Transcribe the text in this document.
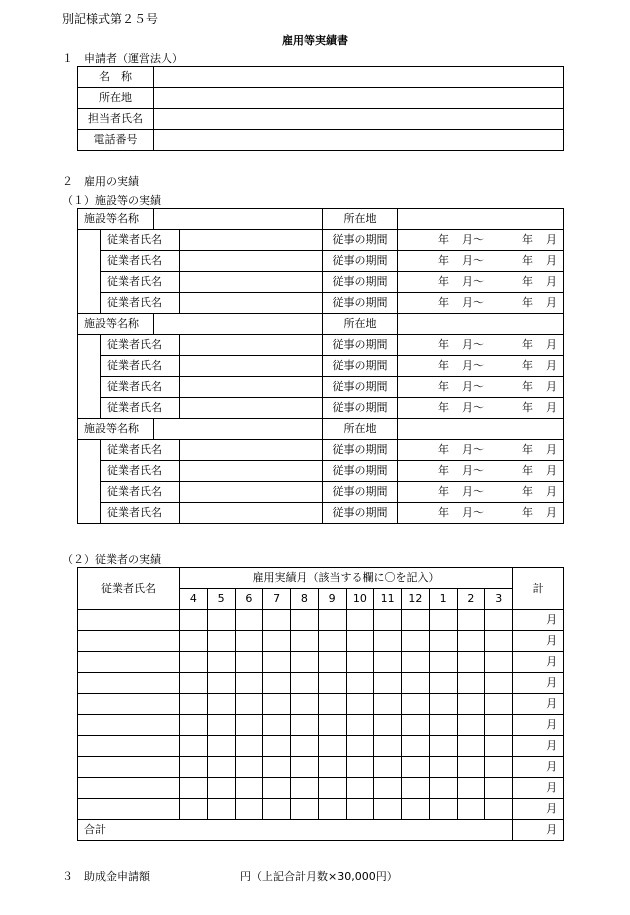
別記様式第２５号
雇用等実績書
１　申請者（運営法人）
名　称	
所在地	
担当者氏名	
電話番号	
２　雇用の実績
（１）施設等の実績
施設等名称				所在地	
	従業者氏名			従事の期間	年 月～ 年 月

	従業者氏名			従事の期間	年 月～ 年 月

	従業者氏名			従事の期間	年 月～ 年 月

	従業者氏名			従事の期間	年 月～ 年 月

施設等名称				所在地	
	従業者氏名			従事の期間	年 月～ 年 月

	従業者氏名			従事の期間	年 月～ 年 月

	従業者氏名			従事の期間	年 月～ 年 月

	従業者氏名			従事の期間	年 月～ 年 月

施設等名称				所在地	
	従業者氏名			従事の期間	年 月～ 年 月

	従業者氏名			従事の期間	年 月～ 年 月

	従業者氏名			従事の期間	年 月～ 年 月

	従業者氏名			従事の期間	年 月～ 年 月
（２）従業者の実績
従業者氏名	雇用実績月（該当する欄に〇を記入）												計
	4	5	6	7	8	9	10	11	12	1	2	3	
													月
													月
													月
													月
													月
													月
													月
													月
													月
													月
合計													月
３　助成金申請額	円（上記合計月数×30,000円）
